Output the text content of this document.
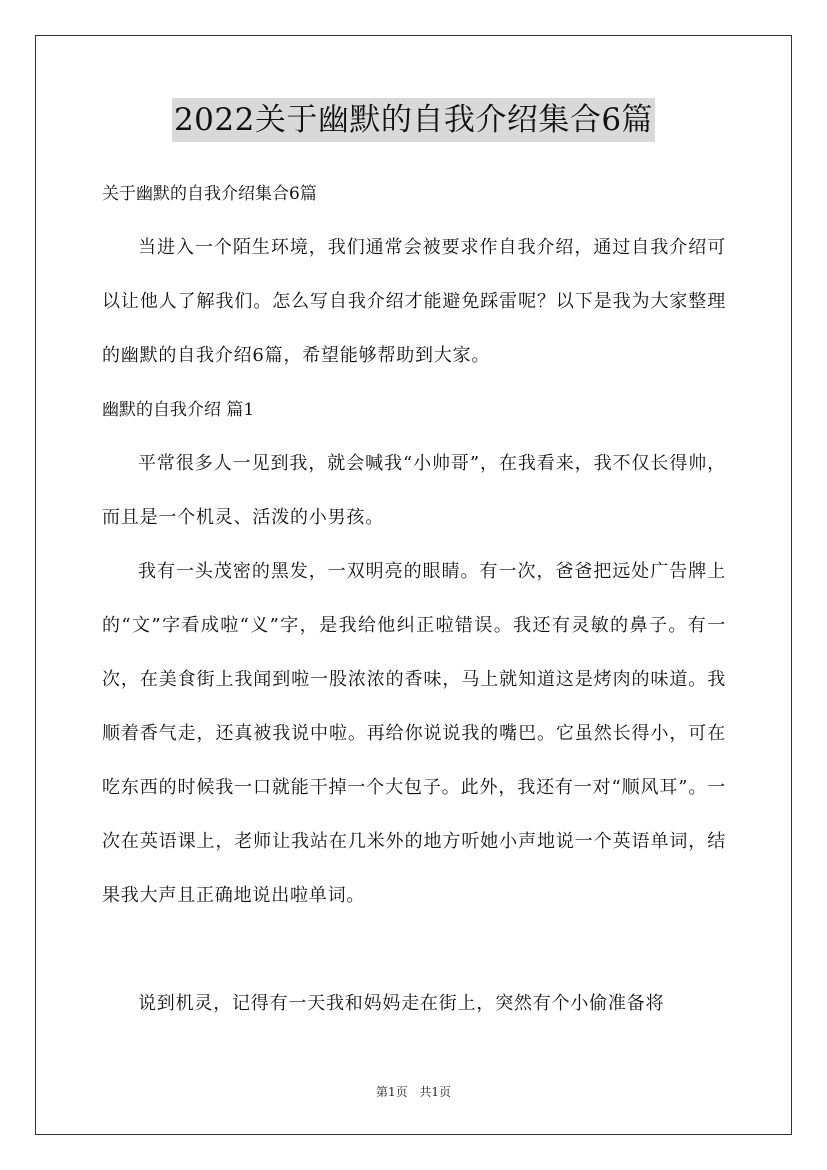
2022关于幽默的自我介绍集合6篇
关于幽默的自我介绍集合6篇

当进入一个陌生环境，我们通常会被要求作自我介绍，通过自我介绍可以让他人了解我们。怎么写自我介绍才能避免踩雷呢？以下是我为大家整理的幽默的自我介绍6篇，希望能够帮助到大家。

幽默的自我介绍 篇1

平常很多人一见到我，就会喊我“小帅哥”，在我看来，我不仅长得帅，而且是一个机灵、活泼的小男孩。

我有一头茂密的黑发，一双明亮的眼睛。有一次，爸爸把远处广告牌上的“文”字看成啦“义”字，是我给他纠正啦错误。我还有灵敏的鼻子。有一次，在美食街上我闻到啦一股浓浓的香味，马上就知道这是烤肉的味道。我顺着香气走，还真被我说中啦。再给你说说我的嘴巴。它虽然长得小，可在吃东西的时候我一口就能干掉一个大包子。此外，我还有一对“顺风耳”。一次在英语课上，老师让我站在几米外的地方听她小声地说一个英语单词，结果我大声且正确地说出啦单词。

说到机灵，记得有一天我和妈妈走在街上，突然有个小偷准备将

第1页 共1页
